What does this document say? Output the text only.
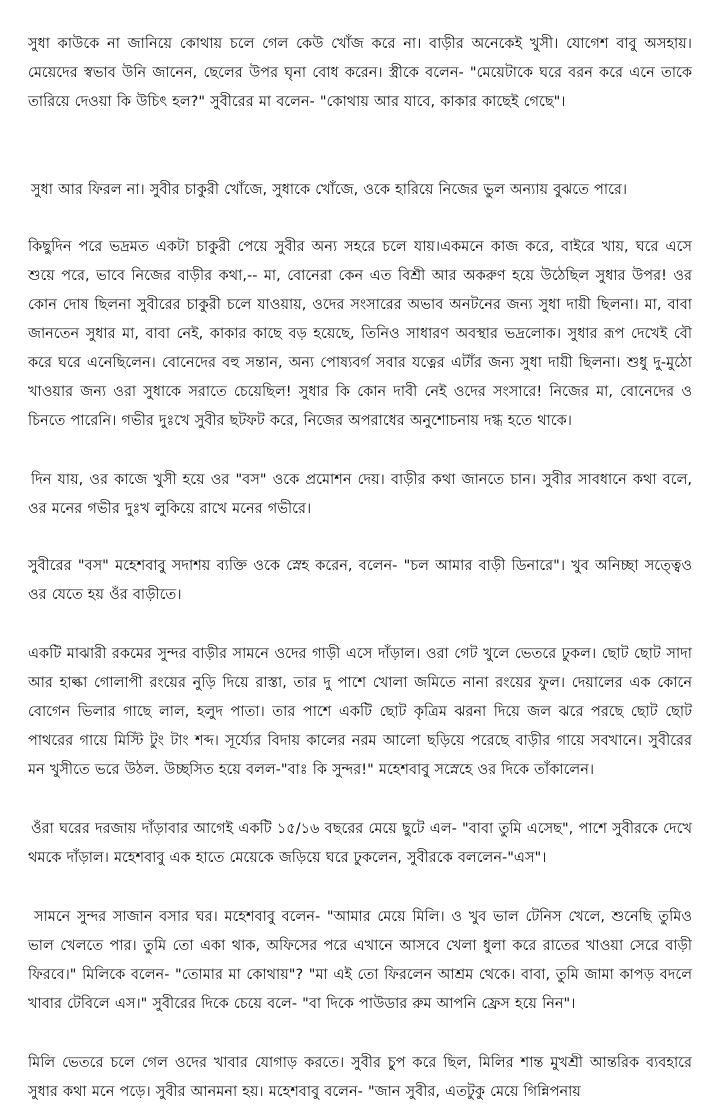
সুধা কাউকে না জানিয়ে কোথায় চলে গেল কেউ খোঁজ করে না। বাড়ীর অনেকেই খুসী। যোগেশ বাবু অসহায়। মেয়েদের স্বভাব উনি জানেন, ছেলের উপর ঘৃনা বোধ করেন। স্ত্রীকে বলেন- "মেয়েটাকে ঘরে বরন করে এনে তাকে তারিয়ে দেওয়া কি উচিৎ হল?" সুবীরের মা বলেন- "কোথায় আর যাবে, কাকার কাছেই গেছে"।

সুধা আর ফিরল না। সুবীর চাকুরী খোঁজে, সুধাকে খোঁজে, ওকে হারিয়ে নিজের ভুল অন্যায় বুঝতে পারে।

কিছুদিন পরে ভদ্রমত একটা চাকুরী পেয়ে সুবীর অন্য সহরে চলে যায়।একমনে কাজ করে, বাইরে খায়, ঘরে এসে শুয়ে পরে, ভাবে নিজের বাড়ীর কথা,-- মা, বোনেরা কেন এত বিশ্রী আর অকরুণ হয়ে উঠেছিল সুধার উপর! ওর কোন দোষ ছিলনা সুবীরের চাকুরী চলে যাওয়ায়, ওদের সংসারের অভাব অনটনের জন্য সুধা দায়ী ছিলনা। মা, বাবা জানতেন সুধার মা, বাবা নেই, কাকার কাছে বড় হয়েছে, তিনিও সাধারণ অবস্থার ভদ্রলোক। সুধার রূপ দেখেই বৌ করে ঘরে এনেছিলেন। বোনেদের বহু সন্তান, অন্য পোষ্যবর্গ সবার যত্নের এটাঁর জন্য সুধা দায়ী ছিলনা। শুধু দু-মুঠো খাওয়ার জন্য ওরা সুধাকে সরাতে চেয়েছিল! সুধার কি কোন দাবী নেই ওদের সংসারে! নিজের মা, বোনেদের ও চিনতে পারেনি। গভীর দুঃখে সুবীর ছটফট করে, নিজের অপরাধের অনুশোচনায় দগ্ধ হতে থাকে।

দিন যায়, ওর কাজে খুসী হয়ে ওর "বস" ওকে প্রমোশন দেয়। বাড়ীর কথা জানতে চান। সুবীর সাবধানে কথা বলে, ওর মনের গভীর দুঃখ লুকিয়ে রাখে মনের গভীরে।

সুবীরের "বস" মহেশবাবু সদাশয় ব্যক্তি ওকে স্নেহ করেন, বলেন- "চল আমার বাড়ী ডিনারে"। খুব অনিচ্ছা সত্ত্বেও ওর যেতে হয় ওঁর বাড়ীতে।

একটি মাঝারী রকমের সুন্দর বাড়ীর সামনে ওদের গাড়ী এসে দাঁড়াল। ওরা গেট খুলে ভেতরে ঢুকল। ছোট ছোট সাদা আর হাল্কা গোলাপী রংয়ের নুড়ি দিয়ে রাস্তা, তার দু পাশে খোলা জমিতে নানা রংয়ের ফুল। দেয়ালের এক কোনে বোগেন ভিলার গাছে লাল, হলুদ পাতা। তার পাশে একটি ছোট কৃত্রিম ঝরনা দিয়ে জল ঝরে পরছে ছোট ছোট পাথরের গায়ে মিস্টি টুং টাং শব্দ। সূর্য্যের বিদায় কালের নরম আলো ছড়িয়ে পরেছে বাড়ীর গায়ে সবখানে। সুবীরের মন খুসীতে ভরে উঠল. উচ্ছসিত হয়ে বলল-"বাঃ কি সুন্দর!" মহেশবাবু সস্নেহে ওর দিকে তাঁকালেন।

ওঁরা ঘরের দরজায় দাঁড়াবার আগেই একটি ১৫/১৬ বছরের মেয়ে ছুটে এল- "বাবা তুমি এসেছ", পাশে সুবীরকে দেখে থমকে দাঁড়াল। মহেশবাবু এক হাতে মেয়েকে জড়িয়ে ঘরে ঢুকলেন, সুবীরকে বললেন-"এস"।

সামনে সুন্দর সাজান বসার ঘর। মহেশবাবু বলেন- "আমার মেয়ে মিলি। ও খুব ভাল টেনিস খেলে, শুনেছি তুমিও ভাল খেলতে পার। তুমি তো একা থাক, অফিসের পরে এখানে আসবে খেলা ধুলা করে রাতের খাওয়া সেরে বাড়ী ফিরবে।" মিলিকে বলেন- "তোমার মা কোথায়"? "মা এই তো ফিরলেন আশ্রম থেকে। বাবা, তুমি জামা কাপড় বদলে খাবার টেবিলে এস।" সুবীরের দিকে চেয়ে বলে- "বা দিকে পাউডার রুম আপনি ফ্রেস হয়ে নিন"।

মিলি ভেতরে চলে গেল ওদের খাবার যোগাড় করতে। সুবীর চুপ করে ছিল, মিলির শান্ত মুখশ্রী আন্তরিক ব্যবহারে সুধার কথা মনে পড়ে। সুবীর আনমনা হয়। মহেশবাবু বলেন- "জান সুবীর, এতটুকু মেয়ে গিন্নিপনায়
